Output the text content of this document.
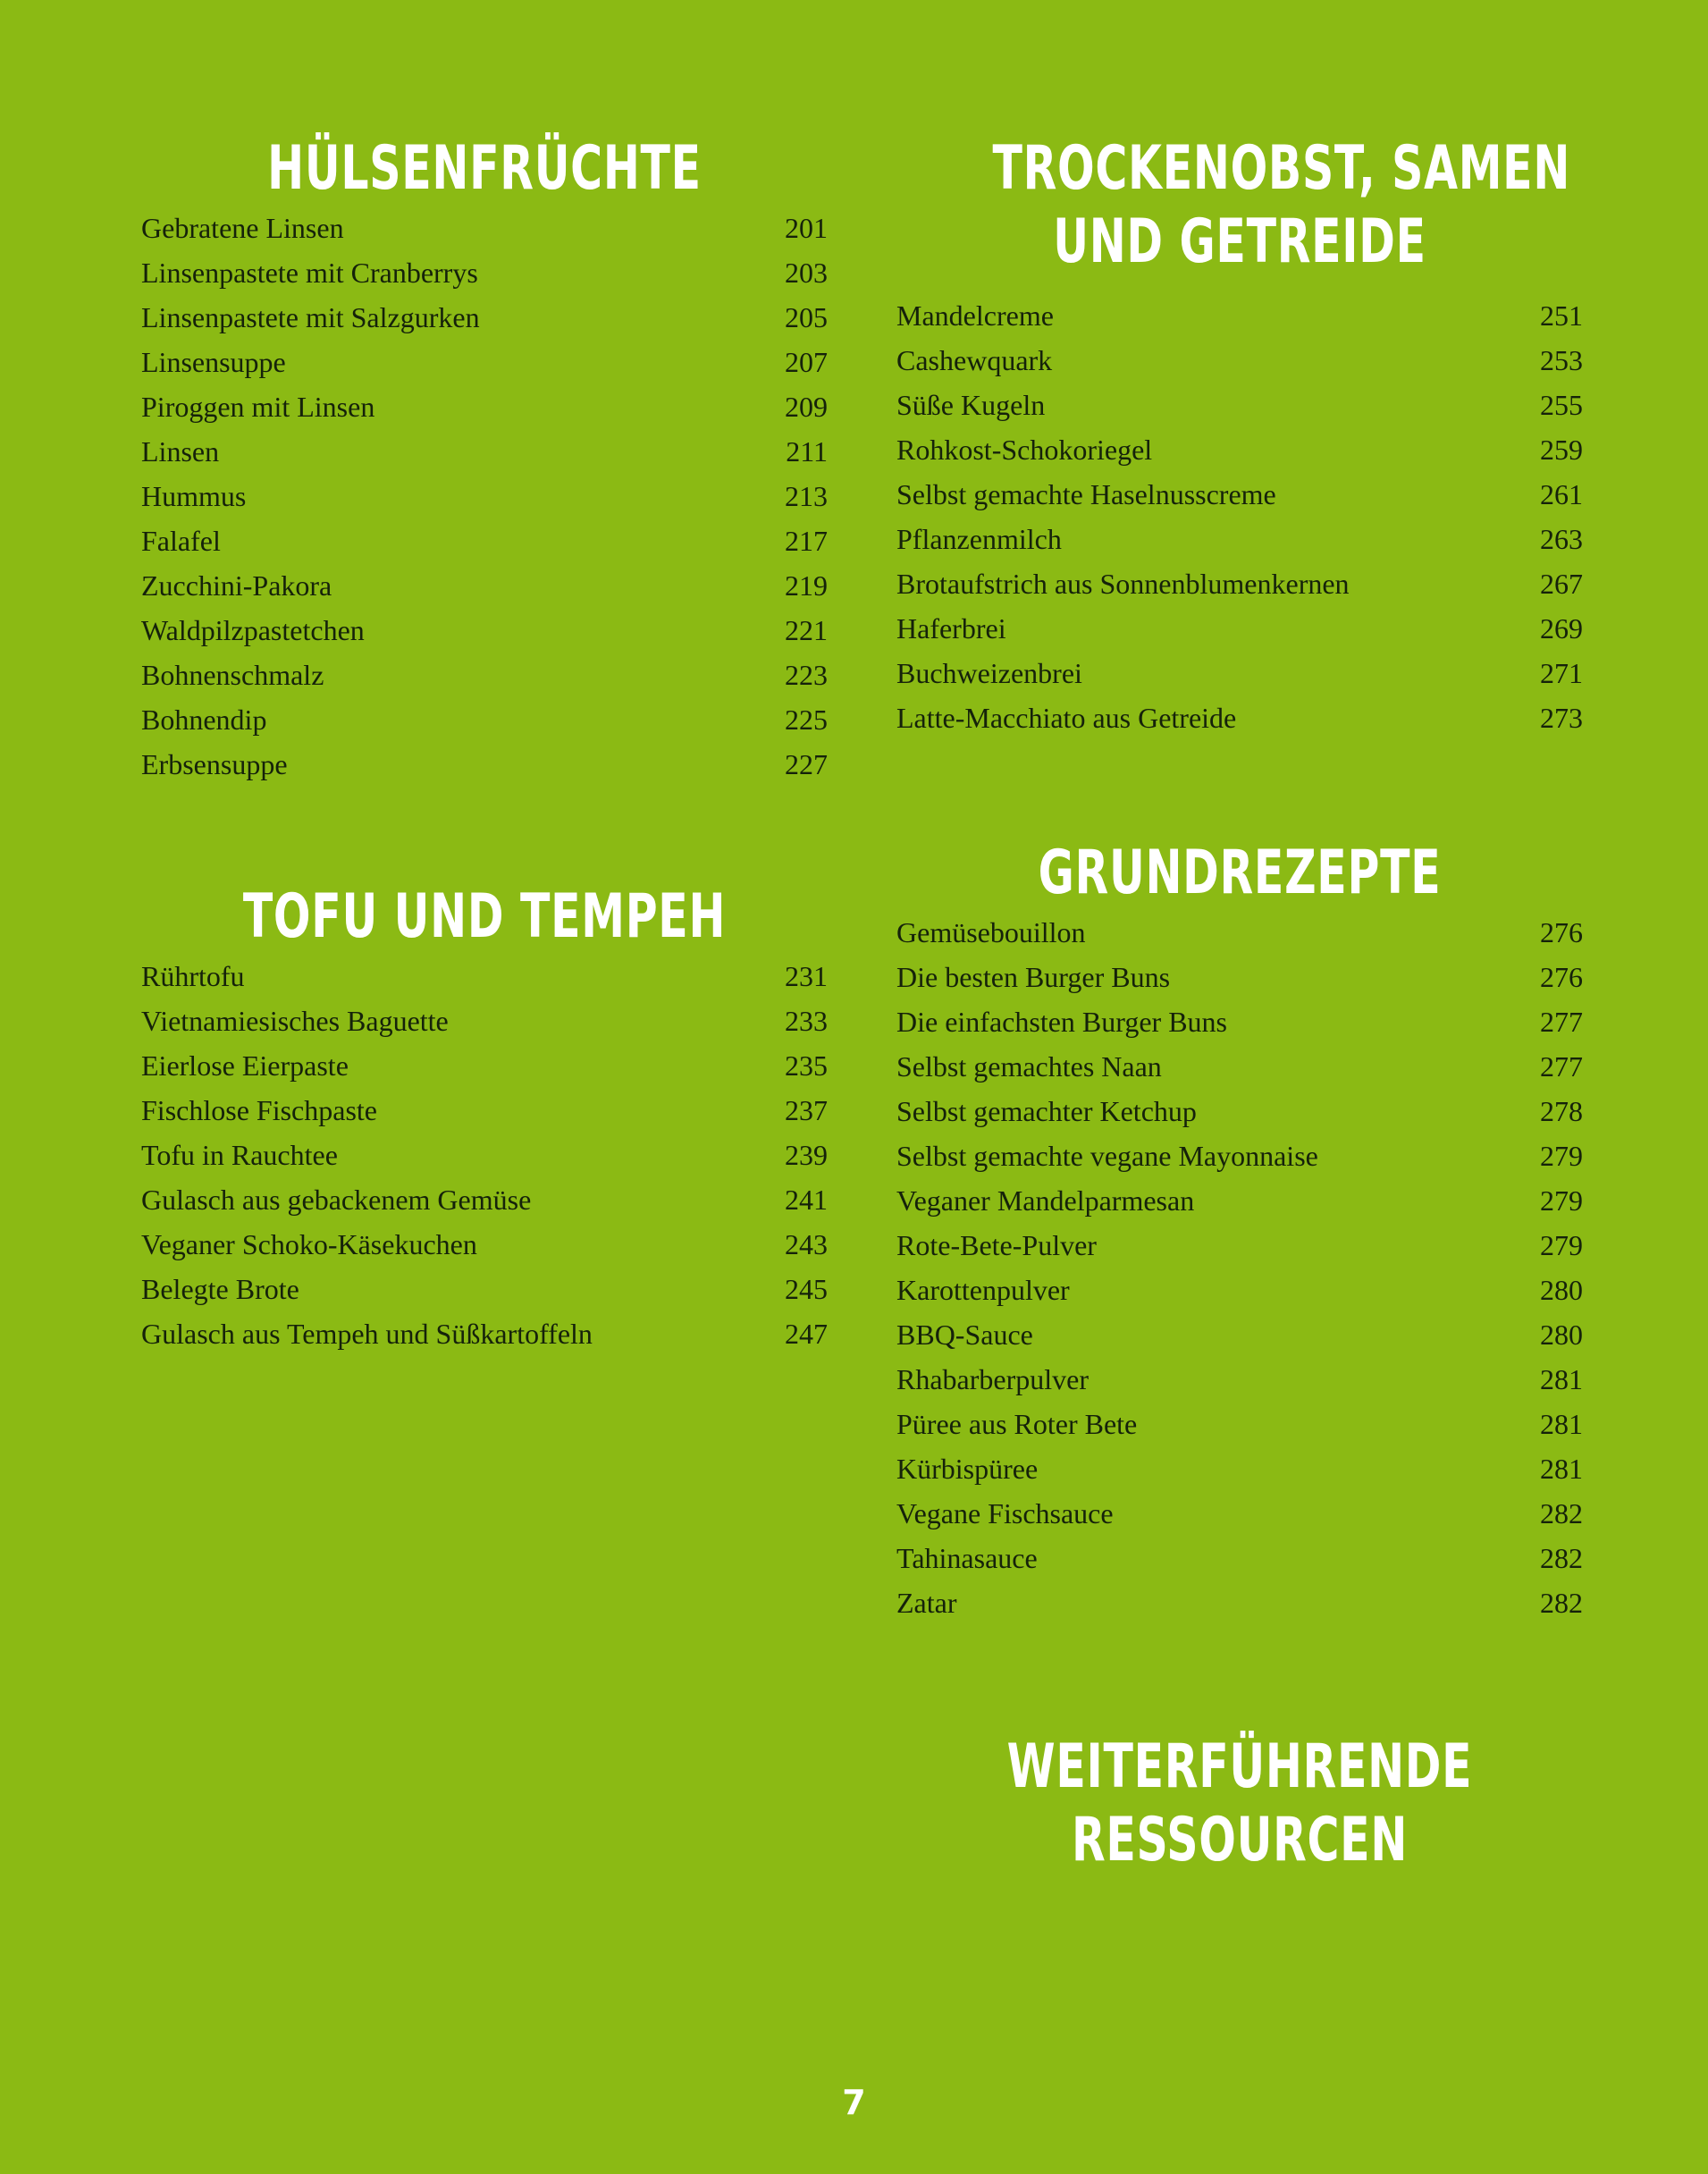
HÜLSENFRÜCHTE
Gebratene Linsen	201
Linsenpastete mit Cranberrys	203
Linsenpastete mit Salzgurken	205
Linsensuppe	207
Piroggen mit Linsen	209
Linsen	211
Hummus	213
Falafel	217
Zucchini-Pakora	219
Waldpilzpastetchen	221
Bohnenschmalz	223
Bohnendip	225
Erbsensuppe	227
TOFU UND TEMPEH
Rührtofu	231
Vietnamiesisches Baguette	233
Eierlose Eierpaste	235
Fischlose Fischpaste	237
Tofu in Rauchtee	239
Gulasch aus gebackenem Gemüse	241
Veganer Schoko-Käsekuchen	243
Belegte Brote	245
Gulasch aus Tempeh und Süßkartoffeln	247
TROCKENOBST, SAMEN
UND GETREIDE
Mandelcreme	251
Cashewquark	253
Süße Kugeln	255
Rohkost-Schokoriegel	259
Selbst gemachte Haselnusscreme	261
Pflanzenmilch	263
Brotaufstrich aus Sonnenblumenkernen	267
Haferbrei	269
Buchweizenbrei	271
Latte-Macchiato aus Getreide	273
GRUNDREZEPTE
Gemüsebouillon	276
Die besten Burger Buns	276
Die einfachsten Burger Buns	277
Selbst gemachtes Naan	277
Selbst gemachter Ketchup	278
Selbst gemachte vegane Mayonnaise	279
Veganer Mandelparmesan	279
Rote-Bete-Pulver	279
Karottenpulver	280
BBQ-Sauce	280
Rhabarberpulver	281
Püree aus Roter Bete	281
Kürbispüree	281
Vegane Fischsauce	282
Tahinasauce	282
Zatar	282
WEITERFÜHRENDE
RESSOURCEN
7
